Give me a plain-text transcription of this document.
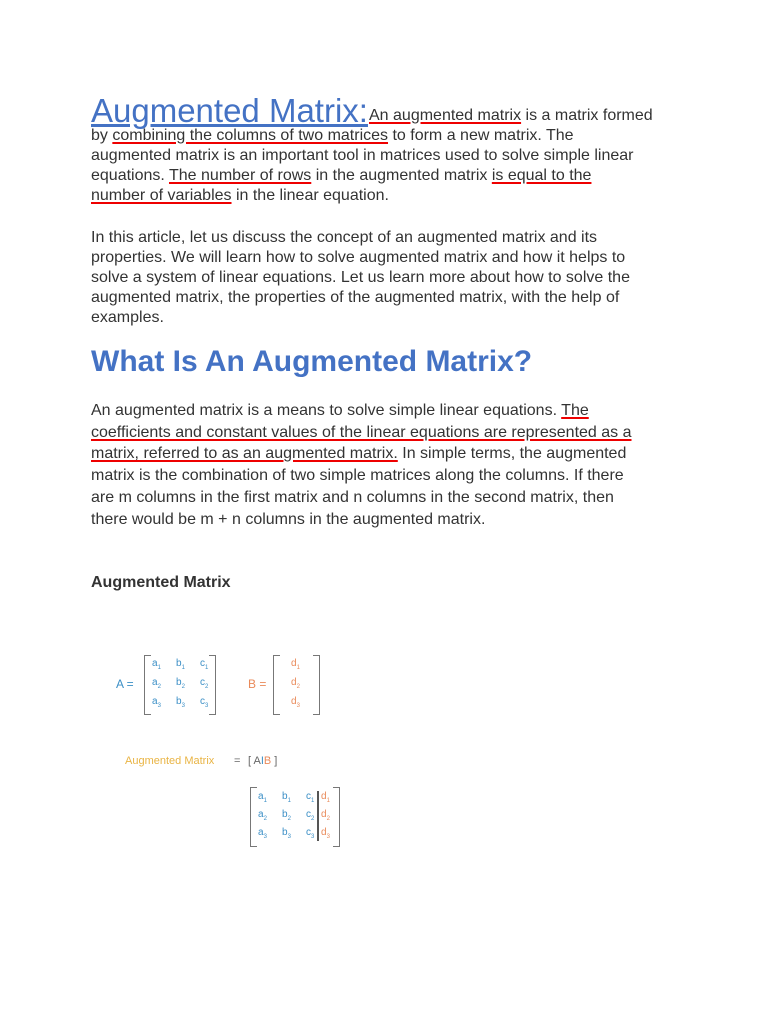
Augmented Matrix: An augmented matrix is a matrix formed
by combining the columns of two matrices to form a new matrix. The
augmented matrix is an important tool in matrices used to solve simple linear
equations. The number of rows in the augmented matrix is equal to the
number of variables in the linear equation.
In this article, let us discuss the concept of an augmented matrix and its
properties. We will learn how to solve augmented matrix and how it helps to
solve a system of linear equations. Let us learn more about how to solve the
augmented matrix, the properties of the augmented matrix, with the help of
examples.
What Is An Augmented Matrix?
An augmented matrix is a means to solve simple linear equations. The
coefficients and constant values of the linear equations are represented as a
matrix, referred to as an augmented matrix. In simple terms, the augmented
matrix is the combination of two simple matrices along the columns. If there
are m columns in the first matrix and n columns in the second matrix, then
there would be m + n columns in the augmented matrix.
Augmented Matrix
A =
$a_1$ $b_1$ $c_1$
$a_2$ $b_2$ $c_2$
$a_3$ $b_3$ $c_3$
B =
$d_1$
$d_2$
$d_3$
Augmented Matrix = [ AIB ]
$a_1$ $b_1$ $c_1$
$a_2$ $b_2$ $c_2$
$a_3$ $b_3$ $c_3$
$d_1$
$d_2$
$d_3$
